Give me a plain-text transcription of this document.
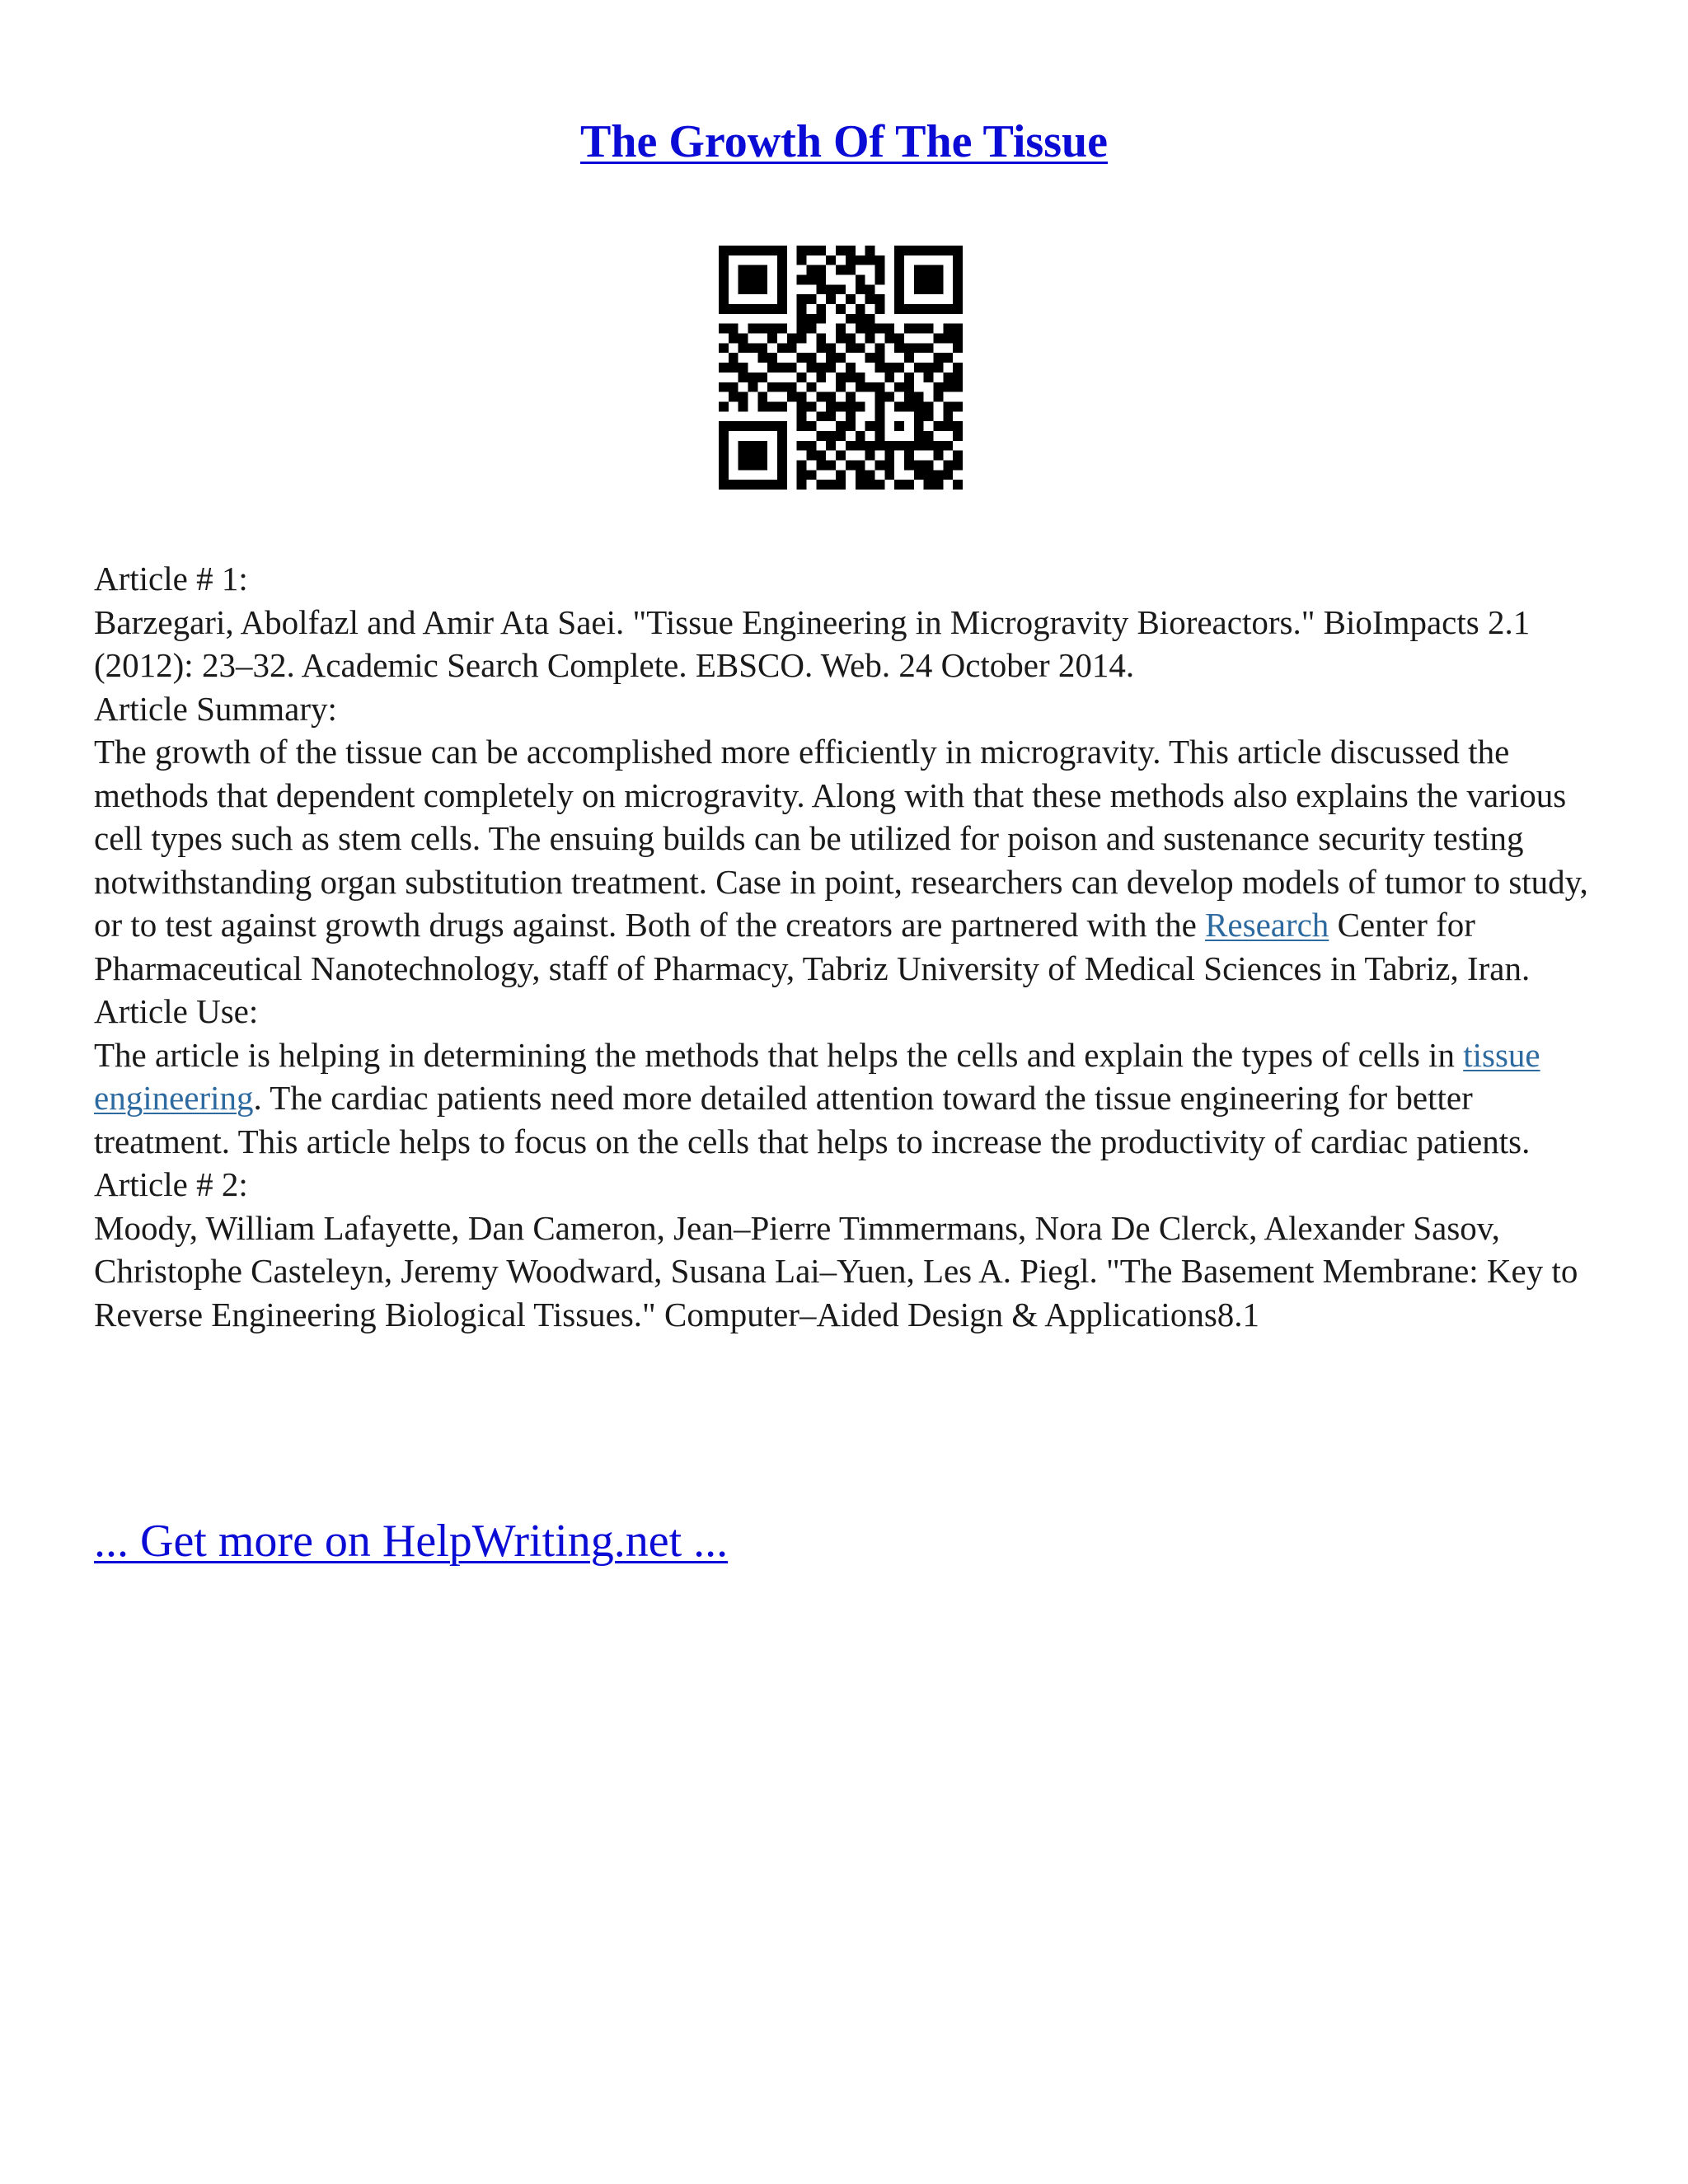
The Growth Of The Tissue

Article # 1:

Barzegari, Abolfazl and Amir Ata Saei. "Tissue Engineering in Microgravity Bioreactors." BioImpacts 2.1 (2012): 23–32. Academic Search Complete. EBSCO. Web. 24 October 2014.

Article Summary:

The growth of the tissue can be accomplished more efficiently in microgravity. This article discussed the methods that dependent completely on microgravity. Along with that these methods also explains the various cell types such as stem cells. The ensuing builds can be utilized for poison and sustenance security testing notwithstanding organ substitution treatment. Case in point, researchers can develop models of tumor to study, or to test against growth drugs against. Both of the creators are partnered with the Research Center for Pharmaceutical Nanotechnology, staff of Pharmacy, Tabriz University of Medical Sciences in Tabriz, Iran.

Article Use:

The article is helping in determining the methods that helps the cells and explain the types of cells in tissue engineering. The cardiac patients need more detailed attention toward the tissue engineering for better treatment. This article helps to focus on the cells that helps to increase the productivity of cardiac patients.

Article # 2:

Moody, William Lafayette, Dan Cameron, Jean–Pierre Timmermans, Nora De Clerck, Alexander Sasov, Christophe Casteleyn, Jeremy Woodward, Susana Lai–Yuen, Les A. Piegl. "The Basement Membrane: Key to Reverse Engineering Biological Tissues." Computer–Aided Design & Applications8.1

... Get more on HelpWriting.net ...
